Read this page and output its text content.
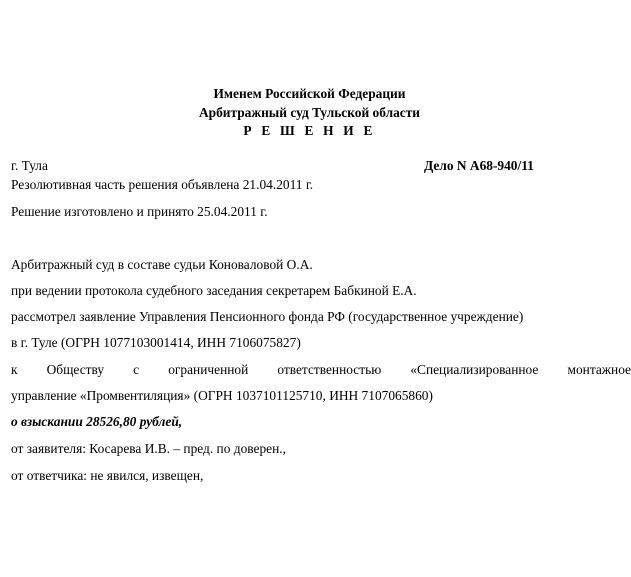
Именем Российской Федерации
Арбитражный суд Тульской области
Р Е Ш Е Н И Е
г. Тула	Дело N А68-940/11
Резолютивная часть решения объявлена 21.04.2011 г.
Решение изготовлено и принято 25.04.2011 г.
Арбитражный суд в составе судьи Коноваловой О.А.
при ведении протокола судебного заседания секретарем Бабкиной Е.А.
рассмотрел заявление Управления Пенсионного фонда РФ (государственное учреждение)
в г. Туле (ОГРН 1077103001414, ИНН 7106075827)
к Обществу с ограниченной ответственностью «Специализированное монтажное
управление «Промвентиляция» (ОГРН 1037101125710, ИНН 7107065860)
о взыскании 28526,80 рублей,
от заявителя: Косарева И.В. – пред. по доверен.,
от ответчика: не явился, извещен,
